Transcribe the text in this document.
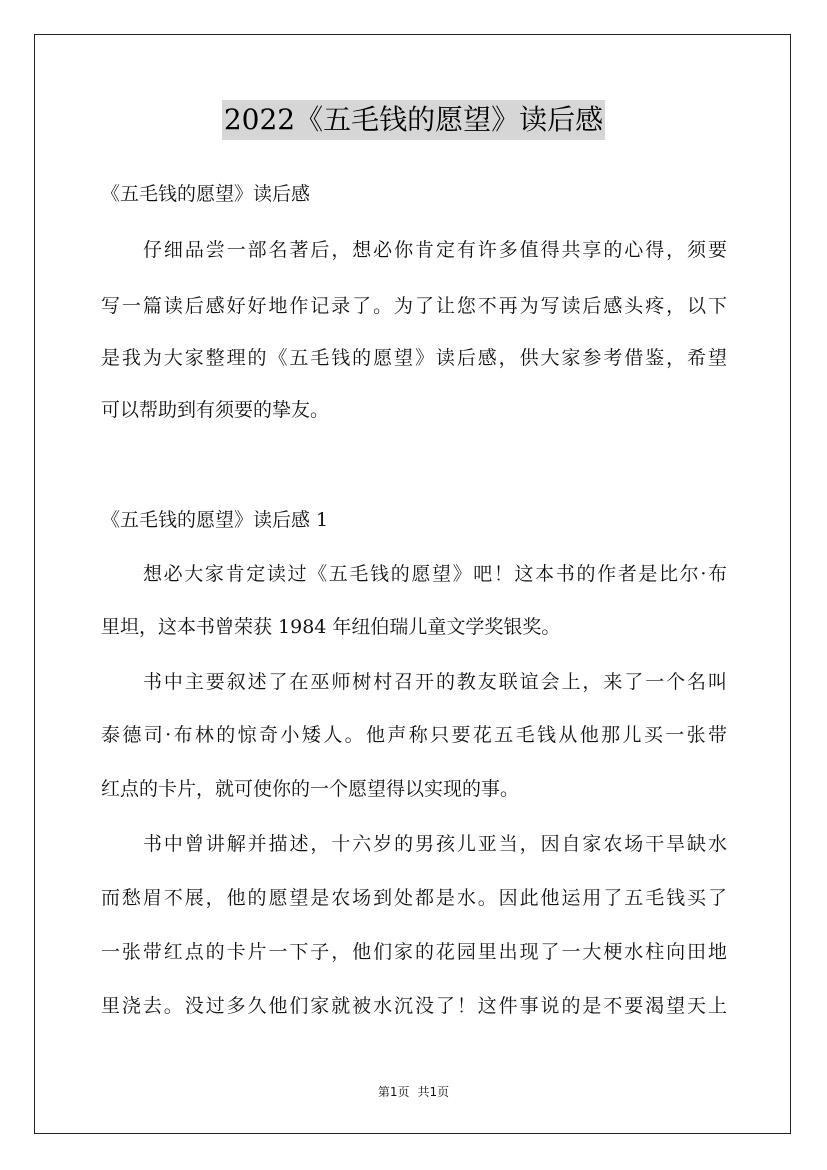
2022《五毛钱的愿望》读后感
《五毛钱的愿望》读后感
仔细品尝一部名著后，想必你肯定有许多值得共享的心得，须要
写一篇读后感好好地作记录了。为了让您不再为写读后感头疼，以下
是我为大家整理的《五毛钱的愿望》读后感，供大家参考借鉴，希望
可以帮助到有须要的挚友。
《五毛钱的愿望》读后感 1
想必大家肯定读过《五毛钱的愿望》吧！这本书的作者是比尔·布
里坦，这本书曾荣获 1984 年纽伯瑞儿童文学奖银奖。
书中主要叙述了在巫师树村召开的教友联谊会上，来了一个名叫
泰德司·布林的惊奇小矮人。他声称只要花五毛钱从他那儿买一张带
红点的卡片，就可使你的一个愿望得以实现的事。
书中曾讲解并描述，十六岁的男孩儿亚当，因自家农场干旱缺水
而愁眉不展，他的愿望是农场到处都是水。因此他运用了五毛钱买了
一张带红点的卡片一下子，他们家的花园里出现了一大梗水柱向田地
里浇去。没过多久他们家就被水沉没了！这件事说的是不要渴望天上
第1页 共1页
